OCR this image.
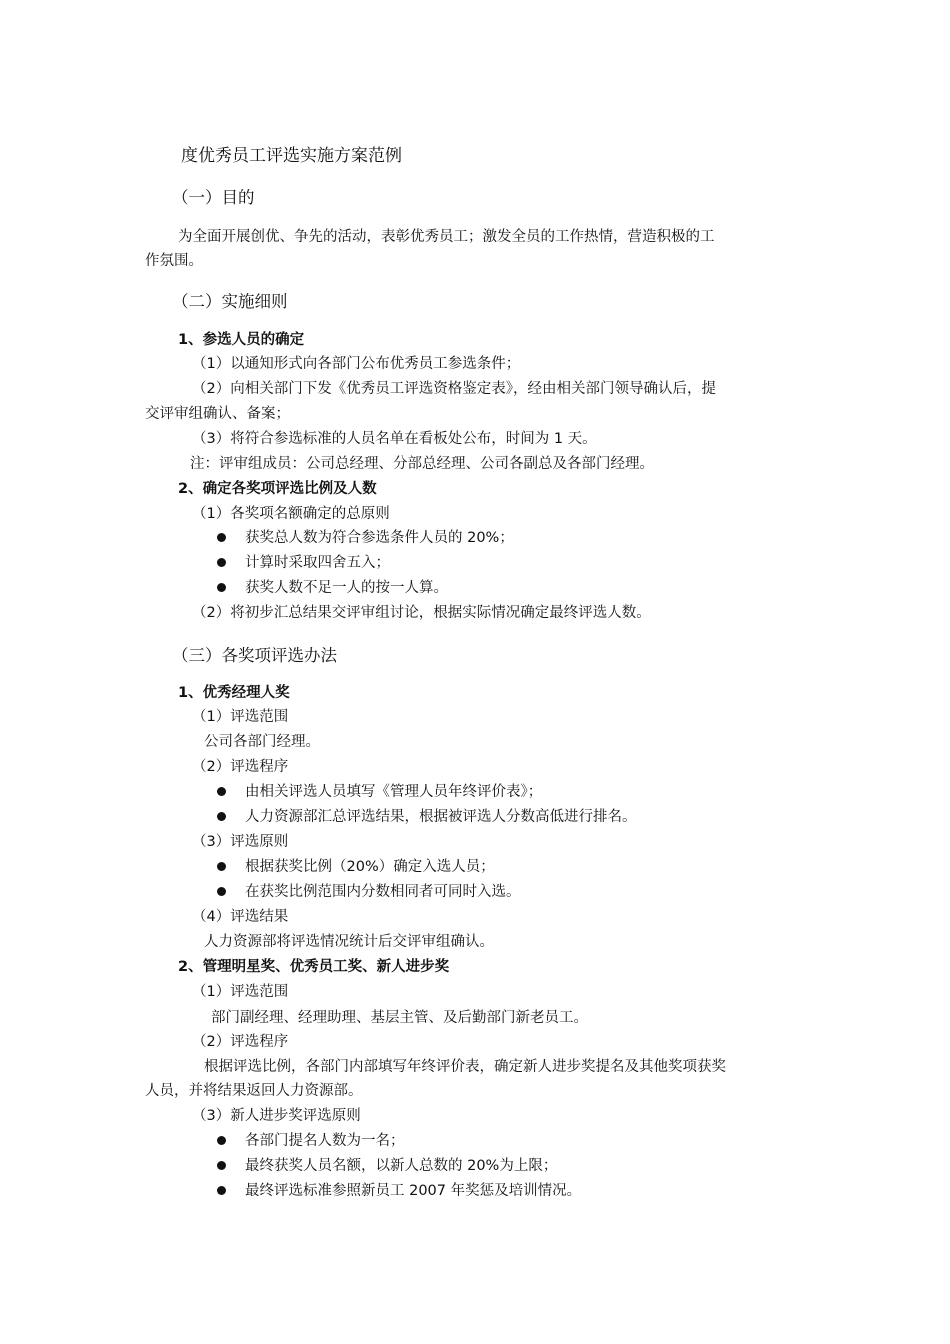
度优秀员工评选实施方案范例
（一）目的
为全面开展创优、争先的活动，表彰优秀员工；激发全员的工作热情，营造积极的工
作氛围。
（二）实施细则
1、参选人员的确定
（1）以通知形式向各部门公布优秀员工参选条件；
（2）向相关部门下发《优秀员工评选资格鉴定表》，经由相关部门领导确认后，提
交评审组确认、备案；
（3）将符合参选标准的人员名单在看板处公布，时间为 1 天。
注：评审组成员：公司总经理、分部总经理、公司各副总及各部门经理。
2、确定各奖项评选比例及人数
（1）各奖项名额确定的总原则
获奖总人数为符合参选条件人员的 20%；
计算时采取四舍五入；
获奖人数不足一人的按一人算。
（2）将初步汇总结果交评审组讨论，根据实际情况确定最终评选人数。
（三）各奖项评选办法
1、优秀经理人奖
（1）评选范围
公司各部门经理。
（2）评选程序
由相关评选人员填写《管理人员年终评价表》；
人力资源部汇总评选结果，根据被评选人分数高低进行排名。
（3）评选原则
根据获奖比例（20%）确定入选人员；
在获奖比例范围内分数相同者可同时入选。
（4）评选结果
人力资源部将评选情况统计后交评审组确认。
2、管理明星奖、优秀员工奖、新人进步奖
（1）评选范围
部门副经理、经理助理、基层主管、及后勤部门新老员工。
（2）评选程序
根据评选比例，各部门内部填写年终评价表，确定新人进步奖提名及其他奖项获奖
人员，并将结果返回人力资源部。
（3）新人进步奖评选原则
各部门提名人数为一名；
最终获奖人员名额，以新人总数的 20%为上限；
最终评选标准参照新员工 2007 年奖惩及培训情况。
